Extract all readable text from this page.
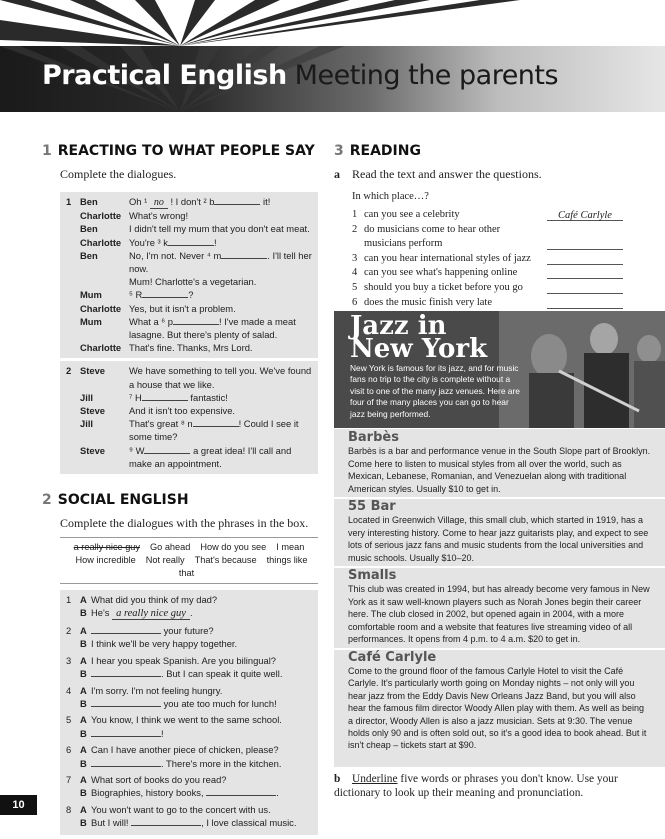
Practical English Meeting the parents
1 REACTING TO WHAT PEOPLE SAY
Complete the dialogues.
1 Ben	Oh ¹ no ! I don't ² b	it!
Charlotte What's wrong!
Ben	I didn't tell my mum that you don't eat meat.
Charlotte You're ³ k	!
Ben	No, I'm not. Never ⁴ m	. I'll tell her now.
Mum! Charlotte's a vegetarian.
Mum	⁵ R	?
Charlotte Yes, but it isn't a problem.
Mum	What a ⁶ p	! I've made a meat lasagne. But there's plenty of salad.
Charlotte That's fine. Thanks, Mrs Lord.
2 Steve	We have something to tell you. We've found a house that we like.
Jill	⁷ H	fantastic!
Steve	And it isn't too expensive.
Jill	That's great ⁸ n	! Could I see it some time?
Steve	⁹ W	a great idea! I'll call and make an appointment.
2 SOCIAL ENGLISH
Complete the dialogues with the phrases in the box.
a really nice guy Go ahead How do you see I mean
How incredible Not really That's because things like that
1 A What did you think of my dad?
B He's a really nice guy .
2 A	your future?
B I think we'll be very happy together.
3 A I hear you speak Spanish. Are you bilingual?
B	. But I can speak it quite well.
4 A I'm sorry. I'm not feeling hungry.
B	you ate too much for lunch!
5 A You know, I think we went to the same school.
B	!
6 A Can I have another piece of chicken, please?
B	. There's more in the kitchen.
7 A What sort of books do you read?
B Biographies, history books,	.
8 A You won't want to go to the concert with us.
B But I will!	, I love classical music.
3 READING
a Read the text and answer the questions.
In which place…?
1 can you see a celebrity	Café Carlyle
2 do musicians come to hear other musicians perform
3 can you hear international styles of jazz
4 can you see what's happening online
5 should you buy a ticket before you go
6 does the music finish very late
Jazz in
New York
New York is famous for its jazz, and for music fans no trip to the city is complete without a visit to one of the many jazz venues. Here are four of the many places you can go to hear jazz being performed.
Barbès
Barbès is a bar and performance venue in the South Slope part of Brooklyn. Come here to listen to musical styles from all over the world, such as Mexican, Lebanese, Romanian, and Venezuelan along with traditional American styles. Usually $10 to get in.
55 Bar
Located in Greenwich Village, this small club, which started in 1919, has a very interesting history. Come to hear jazz guitarists play, and expect to see lots of serious jazz fans and music students from the local universities and music schools. Usually $10–20.
Smalls
This club was created in 1994, but has already become very famous in New York as it saw well-known players such as Norah Jones begin their career here. The club closed in 2002, but opened again in 2004, with a more comfortable room and a website that features live streaming video of all performances. It opens from 4 p.m. to 4 a.m. $20 to get in.
Café Carlyle
Come to the ground floor of the famous Carlyle Hotel to visit the Café Carlyle. It's particularly worth going on Monday nights – not only will you hear jazz from the Eddy Davis New Orleans Jazz Band, but you will also hear the famous film director Woody Allen play with them. As well as being a director, Woody Allen is also a jazz musician. Sets at 9:30. The venue holds only 90 and is often sold out, so it's a good idea to book ahead. But it isn't cheap – tickets start at $90.
b Underline five words or phrases you don't know. Use your dictionary to look up their meaning and pronunciation.
10
